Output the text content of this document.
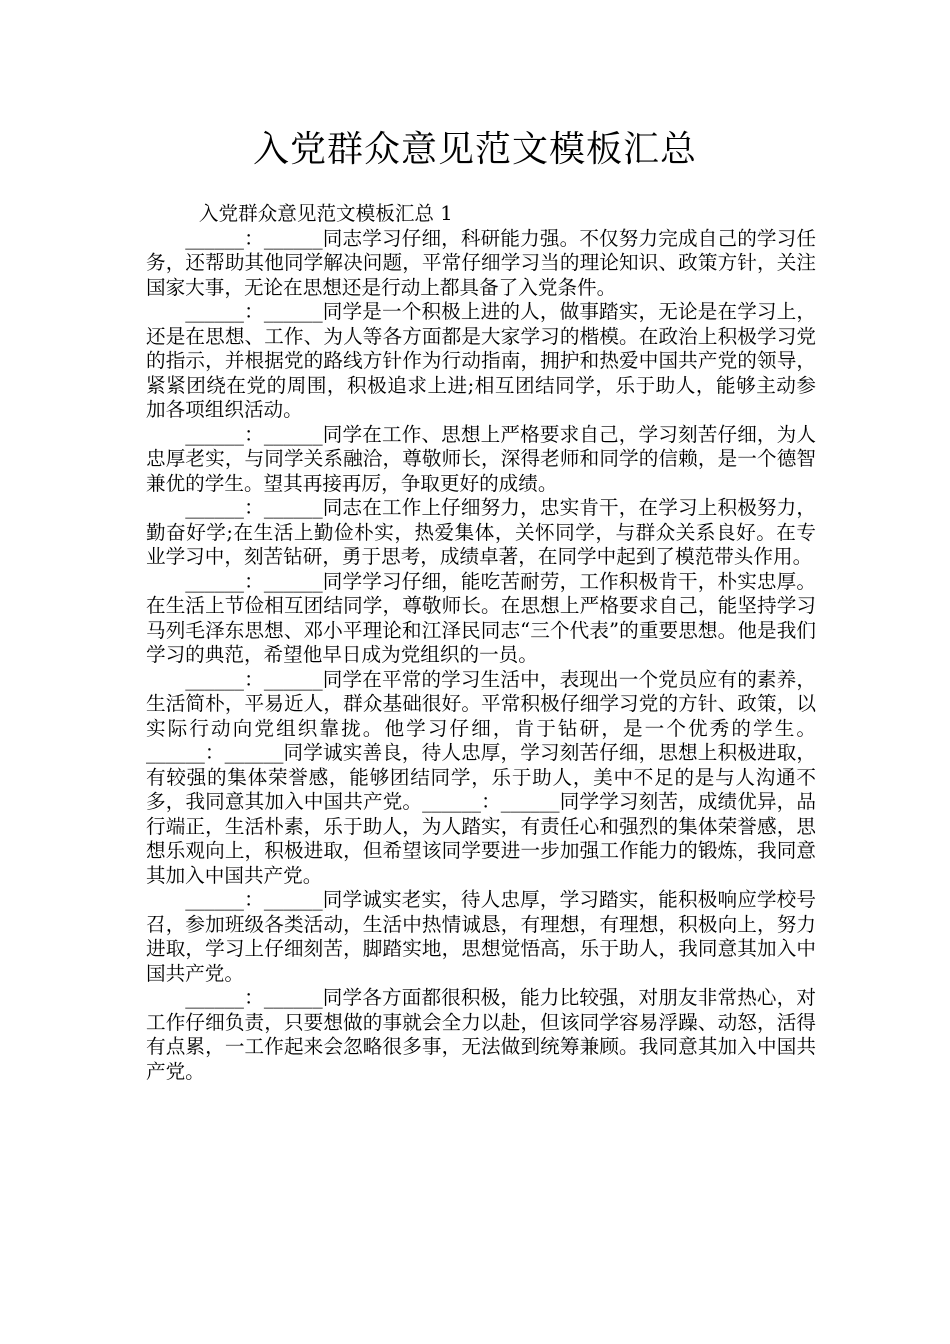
入党群众意见范文模板汇总

入党群众意见范文模板汇总 1

______：______同志学习仔细，科研能力强。不仅努力完成自己的学习任务，还帮助其他同学解决问题，平常仔细学习当的理论知识、政策方针，关注国家大事，无论在思想还是行动上都具备了入党条件。

______：______同学是一个积极上进的人，做事踏实，无论是在学习上，还是在思想、工作、为人等各方面都是大家学习的楷模。在政治上积极学习党的指示，并根据党的路线方针作为行动指南，拥护和热爱中国共产党的领导，紧紧团绕在党的周围，积极追求上进;相互团结同学，乐于助人，能够主动参加各项组织活动。

______：______同学在工作、思想上严格要求自己，学习刻苦仔细，为人忠厚老实，与同学关系融洽，尊敬师长，深得老师和同学的信赖，是一个德智兼优的学生。望其再接再厉，争取更好的成绩。

______：______同志在工作上仔细努力，忠实肯干，在学习上积极努力，勤奋好学;在生活上勤俭朴实，热爱集体，关怀同学，与群众关系良好。在专业学习中，刻苦钻研，勇于思考，成绩卓著，在同学中起到了模范带头作用。

______：______同学学习仔细，能吃苦耐劳，工作积极肯干，朴实忠厚。在生活上节俭相互团结同学，尊敬师长。在思想上严格要求自己，能坚持学习马列毛泽东思想、邓小平理论和江泽民同志“三个代表”的重要思想。他是我们学习的典范，希望他早日成为党组织的一员。

______：______同学在平常的学习生活中，表现出一个党员应有的素养，生活简朴，平易近人，群众基础很好。平常积极仔细学习党的方针、政策，以实际行动向党组织靠拢。他学习仔细，肯于钻研，是一个优秀的学生。______：______同学诚实善良，待人忠厚，学习刻苦仔细，思想上积极进取，有较强的集体荣誉感，能够团结同学，乐于助人，美中不足的是与人沟通不多，我同意其加入中国共产党。______：______同学学习刻苦，成绩优异，品行端正，生活朴素，乐于助人，为人踏实，有责任心和强烈的集体荣誉感，思想乐观向上，积极进取，但希望该同学要进一步加强工作能力的锻炼，我同意其加入中国共产党。

______：______同学诚实老实，待人忠厚，学习踏实，能积极响应学校号召，参加班级各类活动，生活中热情诚恳，有理想，有理想，积极向上，努力进取，学习上仔细刻苦，脚踏实地，思想觉悟高，乐于助人，我同意其加入中国共产党。

______：______同学各方面都很积极，能力比较强，对朋友非常热心，对工作仔细负责，只要想做的事就会全力以赴，但该同学容易浮躁、动怒，活得有点累，一工作起来会忽略很多事，无法做到统筹兼顾。我同意其加入中国共产党。
